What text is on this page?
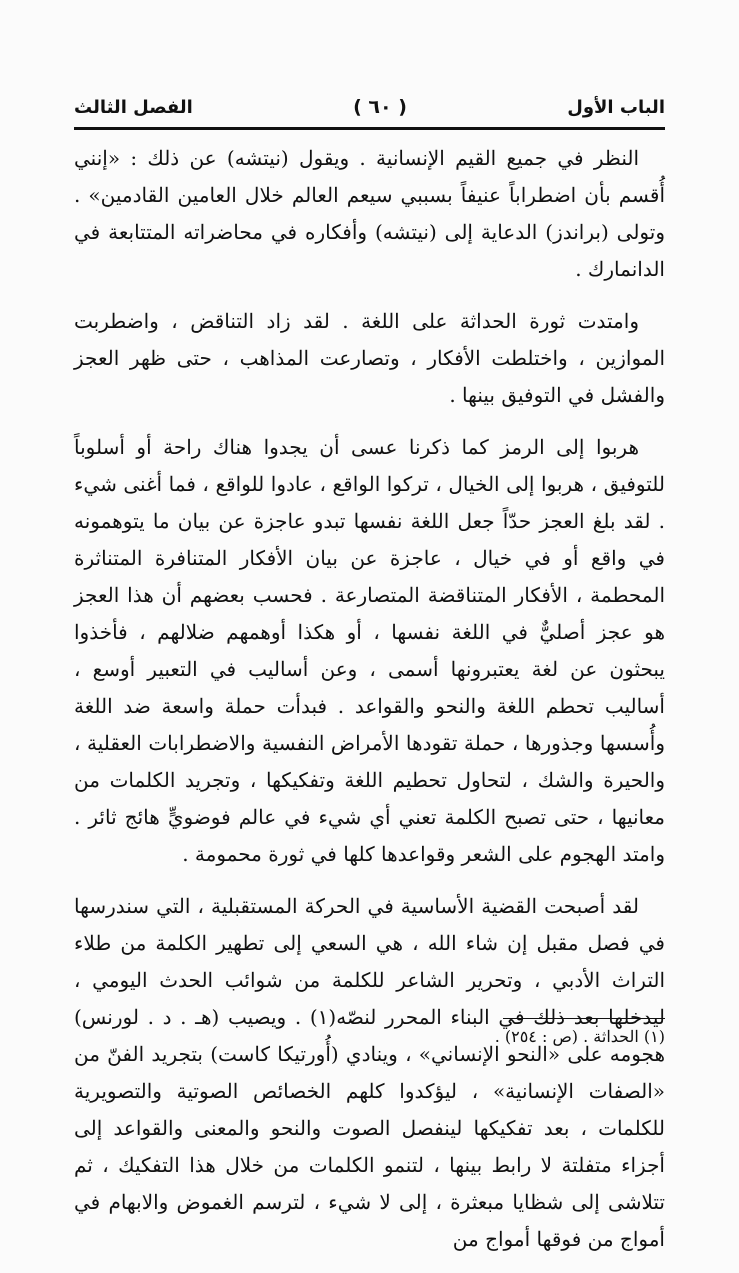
الباب الأول
( ٦٠ )
الفصل الثالث

النظر في جميع القيم الإنسانية . ويقول (نيتشه) عن ذلك : «إنني أُقسم بأن اضطراباً عنيفاً بسببي سيعم العالم خلال العامين القادمين» . وتولى (براندز) الدعاية إلى (نيتشه) وأفكاره في محاضراته المتتابعة في الدانمارك .

وامتدت ثورة الحداثة على اللغة . لقد زاد التناقض ، واضطربت الموازين ، واختلطت الأفكار ، وتصارعت المذاهب ، حتى ظهر العجز والفشل في التوفيق بينها .

هربوا إلى الرمز كما ذكرنا عسى أن يجدوا هناك راحة أو أسلوباً للتوفيق ، هربوا إلى الخيال ، تركوا الواقع ، عادوا للواقع ، فما أغنى شيء . لقد بلغ العجز حدّاً جعل اللغة نفسها تبدو عاجزة عن بيان ما يتوهمونه في واقع أو في خيال ، عاجزة عن بيان الأفكار المتنافرة المتناثرة المحطمة ، الأفكار المتناقضة المتصارعة . فحسب بعضهم أن هذا العجز هو عجز أصليٌّ في اللغة نفسها ، أو هكذا أوهمهم ضلالهم ، فأخذوا يبحثون عن لغة يعتبرونها أسمى ، وعن أساليب في التعبير أوسع ، أساليب تحطم اللغة والنحو والقواعد . فبدأت حملة واسعة ضد اللغة وأُسسها وجذورها ، حملة تقودها الأمراض النفسية والاضطرابات العقلية ، والحيرة والشك ، لتحاول تحطيم اللغة وتفكيكها ، وتجريد الكلمات من معانيها ، حتى تصبح الكلمة تعني أي شيء في عالم فوضويٍّ هائج ثائر . وامتد الهجوم على الشعر وقواعدها كلها في ثورة محمومة .

لقد أصبحت القضية الأساسية في الحركة المستقبلية ، التي سندرسها في فصل مقبل إن شاء الله ، هي السعي إلى تطهير الكلمة من طلاء التراث الأدبي ، وتحرير الشاعر للكلمة من شوائب الحدث اليومي ، ليدخلها بعد ذلك في البناء المحرر لنصّه(١) . ويصيب (هـ . د . لورنس) هجومه على «النحو الإنساني» ، وينادي (أُورتيكا كاست) بتجريد الفنّ من «الصفات الإنسانية» ، ليؤكدوا كلهم الخصائص الصوتية والتصويرية للكلمات ، بعد تفكيكها لينفصل الصوت والنحو والمعنى والقواعد إلى أجزاء متفلتة لا رابط بينها ، لتنمو الكلمات من خلال هذا التفكيك ، ثم تتلاشى إلى شظايا مبعثرة ، إلى لا شيء ، لترسم الغموض والابهام في أمواج من فوقها أمواج من

(١) الحداثة . (ص : ٢٥٤) .
